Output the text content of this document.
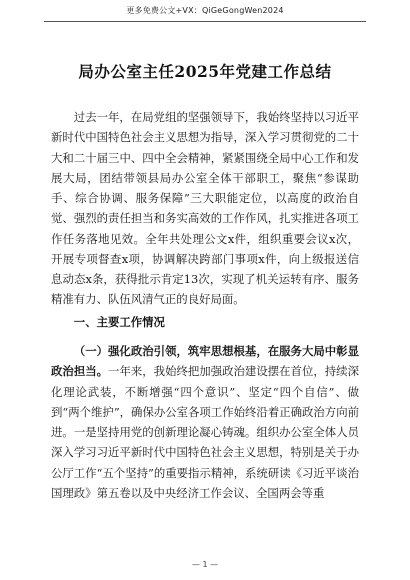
更多免费公文+VX：QiGeGongWen2024
局办公室主任2025年党建工作总结

过去一年，在局党组的坚强领导下，我始终坚持以习近平新时代中国特色社会主义思想为指导，深入学习贯彻党的二十大和二十届三中、四中全会精神，紧紧围绕全局中心工作和发展大局，团结带领县局办公室全体干部职工，聚焦“参谋助手、综合协调、服务保障”三大职能定位，以高度的政治自觉、强烈的责任担当和务实高效的工作作风，扎实推进各项工作任务落地见效。全年共处理公文x件，组织重要会议x次，开展专项督查x项，协调解决跨部门事项x件，向上级报送信息动态x条，获得批示肯定13次，实现了机关运转有序、服务精准有力、队伍风清气正的良好局面。

一、主要工作情况

（一）强化政治引领，筑牢思想根基，在服务大局中彰显政治担当。一年来，我始终把加强政治建设摆在首位，持续深化理论武装，不断增强“四个意识”、坚定“四个自信”、做到“两个维护”，确保办公室各项工作始终沿着正确政治方向前进。一是坚持用党的创新理论凝心铸魂。组织办公室全体人员深入学习习近平新时代中国特色社会主义思想，特别是关于办公厅工作“五个坚持”的重要指示精神，系统研读《习近平谈治国理政》第五卷以及中央经济工作会议、全国两会等重

— 1 —
